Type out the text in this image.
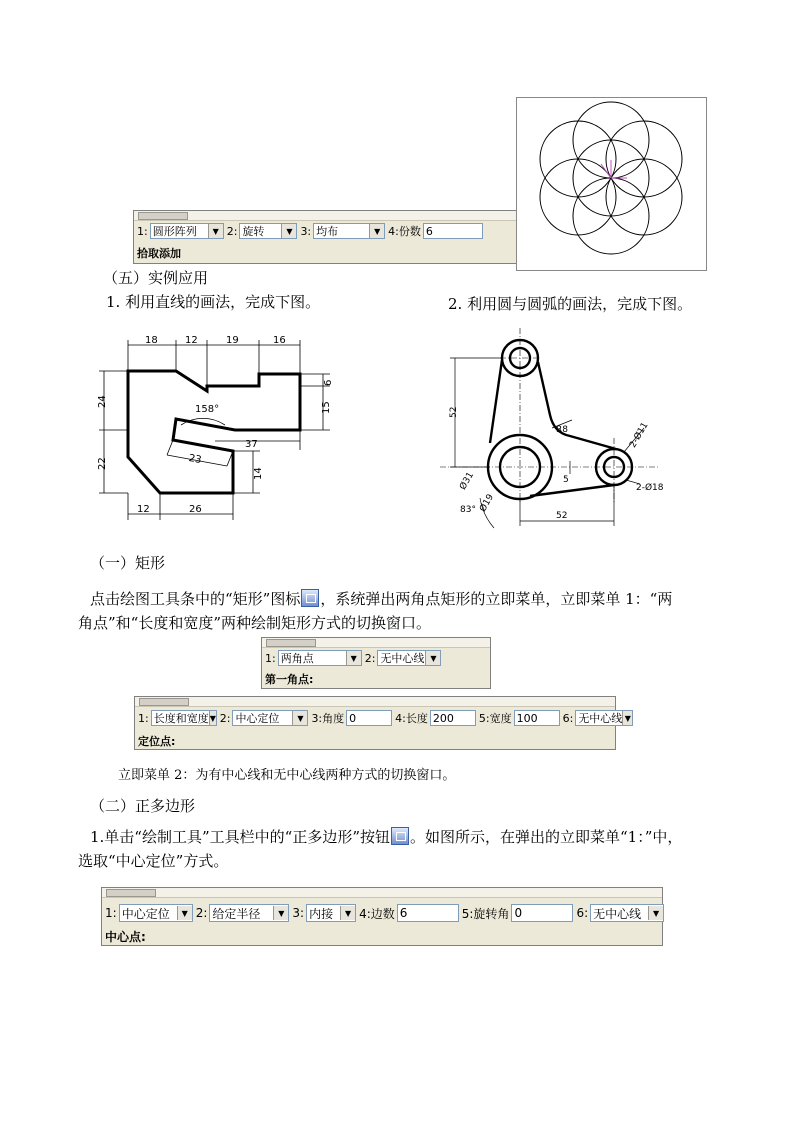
1: 圆形阵列	▼ 2: 旋转	▼ 3: 均布	▼ 4:份数 6
拾取添加
（五）实例应用
1. 利用直线的画法，完成下图。	2. 利用圆与圆弧的画法，完成下图。
18	12	19	16
24
6
15
158°
37
22	23
14
12	26
52
R8	2-Ø11
Ø31
Ø19
5
2-Ø18
83°
52
（一）矩形
点击绘图工具条中的“矩形”图标 ，系统弹出两角点矩形的立即菜单，立即菜单 1：“两
角点”和“长度和宽度”两种绘制矩形方式的切换窗口。
1: 两角点	▼ 2: 无中心线 ▼
第一角点:
1: 长度和宽度 ▼ 2: 中心定位	▼ 3:角度 0	4:长度 200	5:宽度 100	6: 无中心线 ▼
定位点:
立即菜单 2：为有中心线和无中心线两种方式的切换窗口。
（二）正多边形
1.单击“绘制工具”工具栏中的“正多边形”按钮 。如图所示，在弹出的立即菜单“1：”中，
选取“中心定位”方式。
1: 中心定位	▼ 2: 给定半径	▼ 3: 内接	▼ 4:边数 6	5:旋转角 0	6: 无中心线	▼
中心点:
